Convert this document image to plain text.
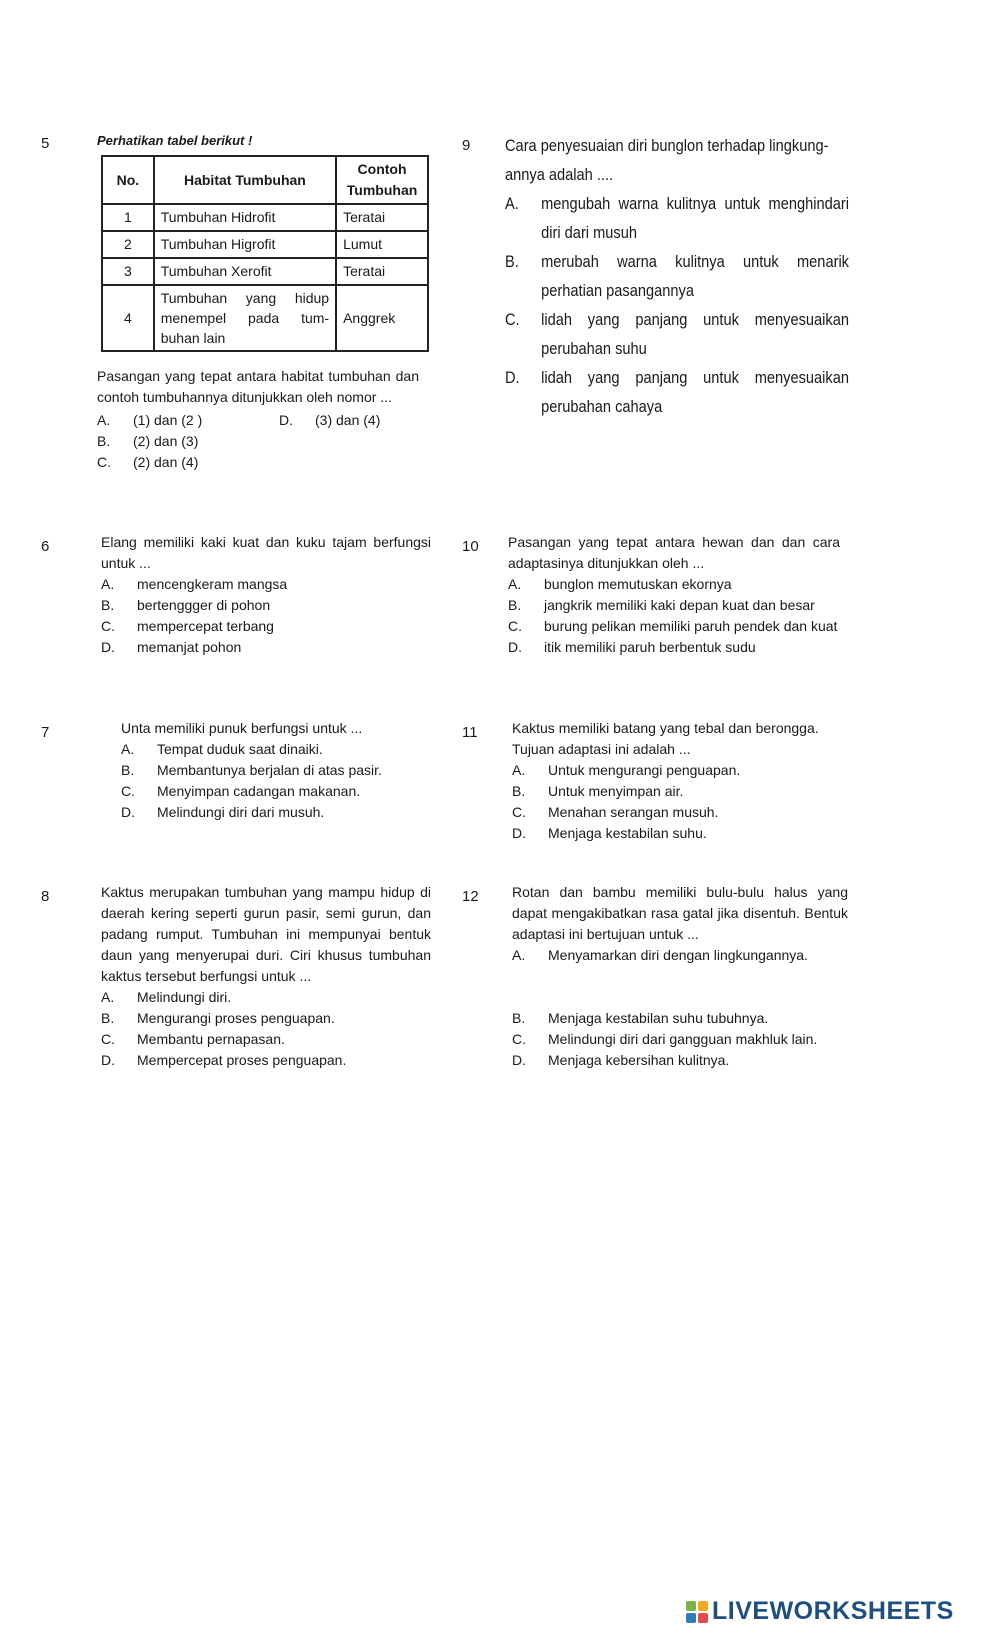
5	Perhatikan tabel berikut !

No.	Habitat Tumbuhan	Contoh Tumbuhan
1	Tumbuhan Hidrofit	Teratai
2	Tumbuhan Higrofit	Lumut
3	Tumbuhan Xerofit	Teratai
4	Tumbuhan yang hidup menempel pada tum-buhan lain	Anggrek

Pasangan yang tepat antara habitat tumbuhan dan contoh tumbuhannya ditunjukkan oleh nomor ...

A.	(1) dan (2 )
B.	(2) dan (3)
C.	(2) dan (4)
D.	(3) dan (4)
9 Cara penyesuaian diri bunglon terhadap lingkung-annya adalah ....

A.	mengubah warna kulitnya untuk menghindari diri dari musuh
B.	merubah warna kulitnya untuk menarik perhatian pasangannya
C.	lidah yang panjang untuk menyesuaikan perubahan suhu
D.	lidah yang panjang untuk menyesuaikan perubahan cahaya
6	Elang memiliki kaki kuat dan kuku tajam berfungsi untuk ...

A.	mencengkeram mangsa
B.	bertenggger di pohon
C.	mempercepat terbang
D.	memanjat pohon
10 Pasangan yang tepat antara hewan dan dan cara adaptasinya ditunjukkan oleh ...

A.	bunglon memutuskan ekornya
B.	jangkrik memiliki kaki depan kuat dan besar
C.	burung pelikan memiliki paruh pendek dan kuat
D.	itik memiliki paruh berbentuk sudu
7	Unta memiliki punuk berfungsi untuk ...

A.	Tempat duduk saat dinaiki.
B.	Membantunya berjalan di atas pasir.
C.	Menyimpan cadangan makanan.
D.	Melindungi diri dari musuh.
11 Kaktus memiliki batang yang tebal dan berongga. Tujuan adaptasi ini adalah ...

A.	Untuk mengurangi penguapan.
B.	Untuk menyimpan air.
C.	Menahan serangan musuh.
D.	Menjaga kestabilan suhu.
8	Kaktus merupakan tumbuhan yang mampu hidup di daerah kering seperti gurun pasir, semi gurun, dan padang rumput. Tumbuhan ini mempunyai bentuk daun yang menyerupai duri. Ciri khusus tumbuhan kaktus tersebut berfungsi untuk ...

A.	Melindungi diri.
B.	Mengurangi proses penguapan.
C.	Membantu pernapasan.
D.	Mempercepat proses penguapan.
12 Rotan dan bambu memiliki bulu-bulu halus yang dapat mengakibatkan rasa gatal jika disentuh. Bentuk adaptasi ini bertujuan untuk ...

A.	Menyamarkan diri dengan lingkungannya.
B.	Menjaga kestabilan suhu tubuhnya.
C.	Melindungi diri dari gangguan makhluk lain.
D.	Menjaga kebersihan kulitnya.
LIVEWORKSHEETS
